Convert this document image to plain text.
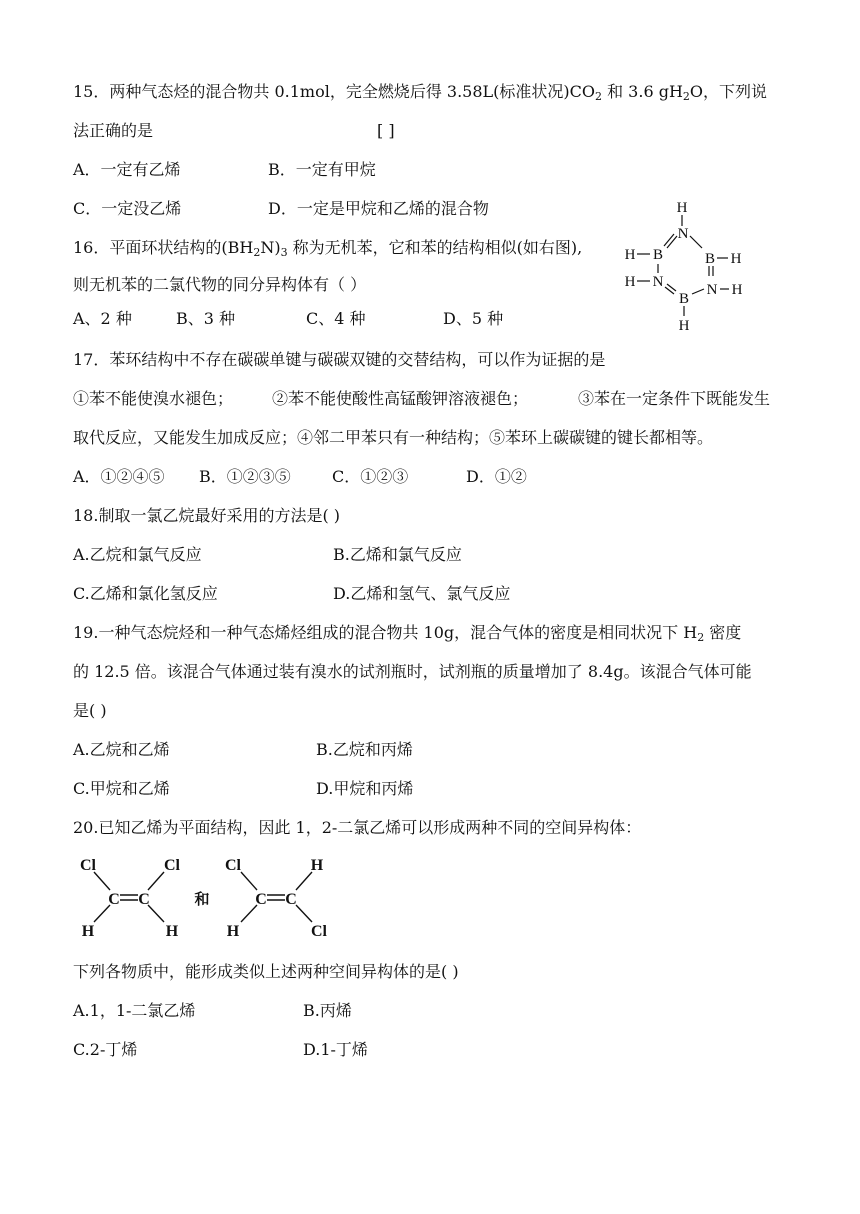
15．两种气态烃的混合物共 0.1mol，完全燃烧后得 3.58L(标准状况)$CO_2$ 和 3.6 $gH_2O$，下列说
法正确的是	[ ]
A．一定有乙烯	B．一定有甲烷
C．一定没乙烯	D．一定是甲烷和乙烯的混合物
16．平面环状结构的$(BH_2N)_3$ 称为无机苯，它和苯的结构相似(如右图),
则无机苯的二氯代物的同分异构体有（ ）
A、2 种	B、3 种	C、4 种	D、5 种
H
N
B
H	B H
N
H	N H
B
H
17．苯环结构中不存在碳碳单键与碳碳双键的交替结构，可以作为证据的是
①苯不能使溴水褪色； ②苯不能使酸性高锰酸钾溶液褪色；	③苯在一定条件下既能发生
取代反应，又能发生加成反应；④邻二甲苯只有一种结构；⑤苯环上碳碳键的键长都相等。
A．①②④⑤ B．①②③⑤	C．①②③	D．①②
18.制取一氯乙烷最好采用的方法是( )
A.乙烷和氯气反应	B.乙烯和氯气反应
C.乙烯和氯化氢反应	D.乙烯和氢气、氯气反应
19.一种气态烷烃和一种气态烯烃组成的混合物共 10g，混合气体的密度是相同状况下 $H_2$ 密度
的 12.5 倍。该混合气体通过装有溴水的试剂瓶时，试剂瓶的质量增加了 8.4g。该混合气体可能
是( )
A.乙烷和乙烯	B.乙烷和丙烯
C.甲烷和乙烯	D.甲烷和丙烯
20.已知乙烯为平面结构，因此 1，2-二氯乙烯可以形成两种不同的空间异构体：
Cl	Cl
C C
H	H
和
Cl	H
C C
H	Cl
下列各物质中，能形成类似上述两种空间异构体的是( )
A.1，1-二氯乙烯	B.丙烯
C.2-丁烯	D.1-丁烯
